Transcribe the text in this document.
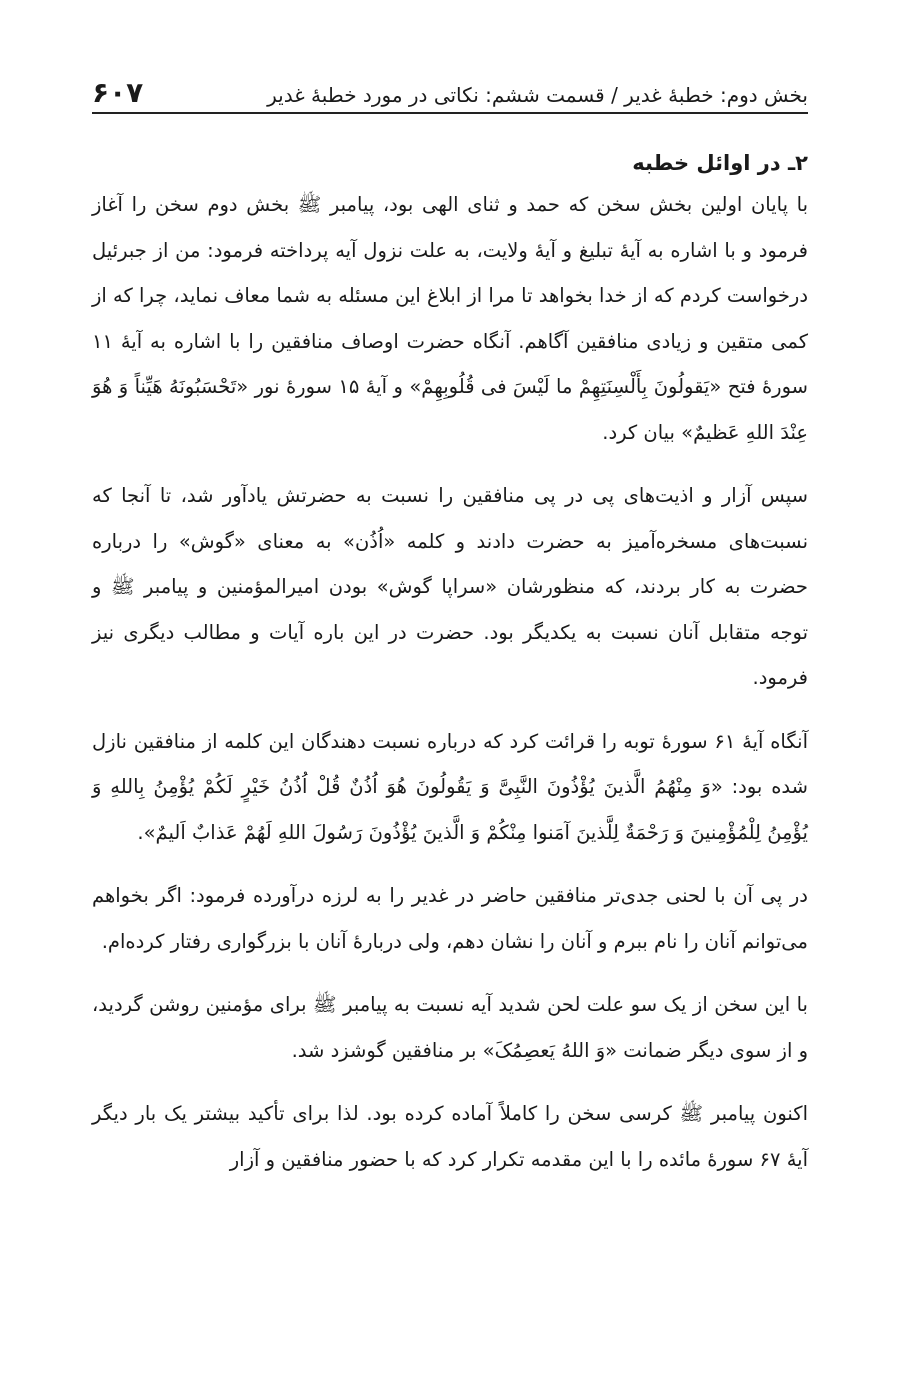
بخش دوم: خطبهٔ غدیر / قسمت ششم: نکاتی در مورد خطبهٔ غدیر
۶۰۷
۲ـ در اوائل خطبه

با پایان اولین بخش سخن که حمد و ثنای الهی بود، پیامبر ﷺ بخش دوم سخن را آغاز فرمود و با اشاره به آیهٔ تبلیغ و آیهٔ ولایت، به علت نزول آیه پرداخته فرمود: من از جبرئیل درخواست کردم که از خدا بخواهد تا مرا از ابلاغ این مسئله به شما معاف نماید، چرا که از کمی متقین و زیادی منافقین آگاهم. آنگاه حضرت اوصاف منافقین را با اشاره به آیهٔ ۱۱ سورهٔ فتح «یَقولُونَ بِأَلْسِنَتِهِمْ ما لَیْسَ فی قُلُوبِهِمْ» و آیهٔ ۱۵ سورهٔ نور «تَحْسَبُونَهُ هَیِّناً وَ هُوَ عِنْدَ اللهِ عَظیمٌ» بیان کرد.

سپس آزار و اذیت‌های پی در پی منافقین را نسبت به حضرتش یادآور شد، تا آنجا که نسبت‌های مسخره‌آمیز به حضرت دادند و کلمه «اُذُن» به معنای «گوش» را درباره حضرت به کار بردند، که منظورشان «سراپا گوش» بودن امیرالمؤمنین و پیامبر ﷺ و توجه متقابل آنان نسبت به یکدیگر بود. حضرت در این باره آیات و مطالب دیگری نیز فرمود.

آنگاه آیهٔ ۶۱ سورهٔ توبه را قرائت کرد که درباره نسبت دهندگان این کلمه از منافقین نازل شده بود: «وَ مِنْهُمُ الَّذینَ یُؤْذُونَ النَّبِیَّ وَ یَقُولُونَ هُوَ اُذُنٌ قُلْ اُذُنُ خَیْرٍ لَکُمْ یُؤْمِنُ بِاللهِ وَ یُؤْمِنُ لِلْمُؤْمِنینَ وَ رَحْمَةٌ لِلَّذینَ آمَنوا مِنْکُمْ وَ الَّذینَ یُؤْذُونَ رَسُولَ اللهِ لَهُمْ عَذابٌ اَلیمٌ».

در پی آن با لحنی جدی‌تر منافقین حاضر در غدیر را به لرزه درآورده فرمود: اگر بخواهم می‌توانم آنان را نام ببرم و آنان را نشان دهم، ولی دربارهٔ آنان با بزرگواری رفتار کرده‌ام.

با این سخن از یک سو علت لحن شدید آیه نسبت به پیامبر ﷺ برای مؤمنین روشن گردید، و از سوی دیگر ضمانت «وَ اللهُ یَعصِمُکَ» بر منافقین گوشزد شد.

اکنون پیامبر ﷺ کرسی سخن را کاملاً آماده کرده بود. لذا برای تأکید بیشتر یک بار دیگر آیهٔ ۶۷ سورهٔ مائده را با این مقدمه تکرار کرد که با حضور منافقین و آزار
